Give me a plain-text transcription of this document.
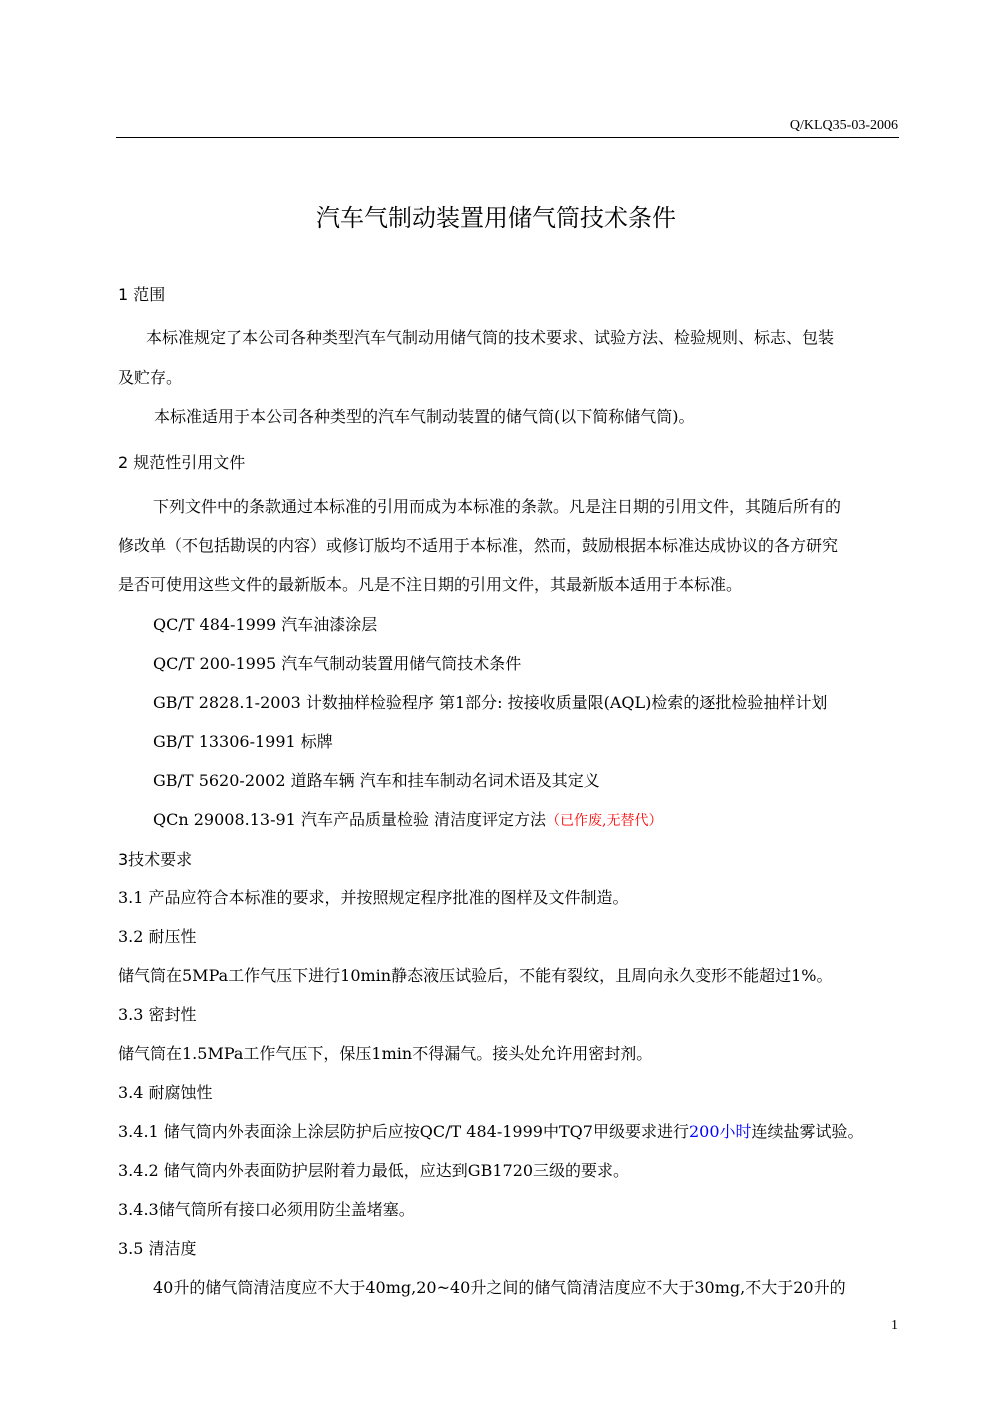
Q/KLQ35-03-2006
汽车气制动装置用储气筒技术条件
1 范围
本标准规定了本公司各种类型汽车气制动用储气筒的技术要求、试验方法、检验规则、标志、包装
及贮存。
本标准适用于本公司各种类型的汽车气制动装置的储气筒(以下简称储气筒)。
2 规范性引用文件
下列文件中的条款通过本标准的引用而成为本标准的条款。凡是注日期的引用文件，其随后所有的
修改单（不包括勘误的内容）或修订版均不适用于本标准，然而，鼓励根据本标准达成协议的各方研究
是否可使用这些文件的最新版本。凡是不注日期的引用文件，其最新版本适用于本标准。
QC/T 484-1999 汽车油漆涂层
QC/T 200-1995 汽车气制动装置用储气筒技术条件
GB/T 2828.1-2003 计数抽样检验程序 第1部分: 按接收质量限(AQL)检索的逐批检验抽样计划
GB/T 13306-1991 标牌
GB/T 5620-2002 道路车辆 汽车和挂车制动名词术语及其定义
QCn 29008.13-91 汽车产品质量检验 清洁度评定方法（已作废,无替代）
3技术要求
3.1 产品应符合本标准的要求，并按照规定程序批准的图样及文件制造。
3.2 耐压性
储气筒在5MPa工作气压下进行10min静态液压试验后，不能有裂纹，且周向永久变形不能超过1%。
3.3 密封性
储气筒在1.5MPa工作气压下，保压1min不得漏气。接头处允许用密封剂。
3.4 耐腐蚀性
3.4.1 储气筒内外表面涂上涂层防护后应按QC/T 484-1999中TQ7甲级要求进行200小时连续盐雾试验。
3.4.2 储气筒内外表面防护层附着力最低，应达到GB1720三级的要求。
3.4.3储气筒所有接口必须用防尘盖堵塞。
3.5 清洁度
40升的储气筒清洁度应不大于40mg,20~40升之间的储气筒清洁度应不大于30mg,不大于20升的
1
